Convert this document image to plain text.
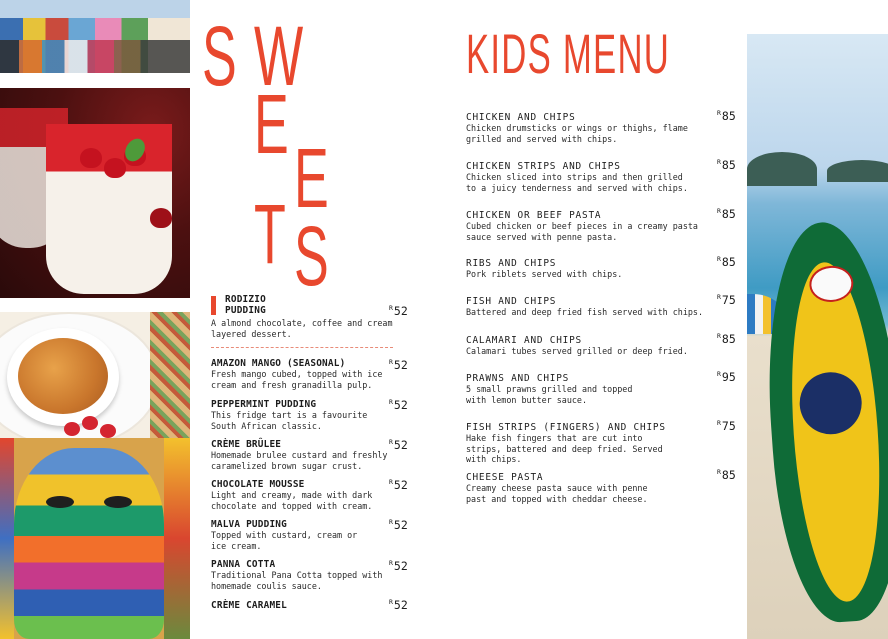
S W
E
E
T S
RODIZIO
PUDDING
A almond chocolate, coffee and cream layered dessert.
$^R$52
AMAZON MANGO (SEASONAL)
Fresh mango cubed, topped with ice cream and fresh granadilla pulp.
$^R$52
PEPPERMINT PUDDING
This fridge tart is a favourite South African classic.
$^R$52
CRÈME BRÛLEE
Homemade brulee custard and freshly caramelized brown sugar crust.
$^R$52
CHOCOLATE MOUSSE
Light and creamy, made with dark chocolate and topped with cream.
$^R$52
MALVA PUDDING
Topped with custard, cream or ice cream.
$^R$52
PANNA COTTA
Traditional Pana Cotta topped with homemade coulis sauce.
$^R$52
CRÈME CARAMEL	$^R$52
KIDS MENU
CHICKEN AND CHIPS
Chicken drumsticks or wings or thighs, flame grilled and served with chips.
$^R$85
CHICKEN STRIPS AND CHIPS
Chicken sliced into strips and then grilled to a juicy tenderness and served with chips.
$^R$85
CHICKEN OR BEEF PASTA
Cubed chicken or beef pieces in a creamy pasta sauce served with penne pasta.
$^R$85
RIBS AND CHIPS
Pork riblets served with chips.
$^R$85
FISH AND CHIPS
Battered and deep fried fish served with chips.
$^R$75
CALAMARI AND CHIPS
Calamari tubes served grilled or deep fried.
$^R$85
PRAWNS AND CHIPS
5 small prawns grilled and topped with lemon butter sauce.
$^R$95
FISH STRIPS (FINGERS) AND CHIPS
Hake fish fingers that are cut into strips, battered and deep fried. Served with chips.
$^R$75
CHEESE PASTA
Creamy cheese pasta sauce with penne past and topped with cheddar cheese.
$^R$85
